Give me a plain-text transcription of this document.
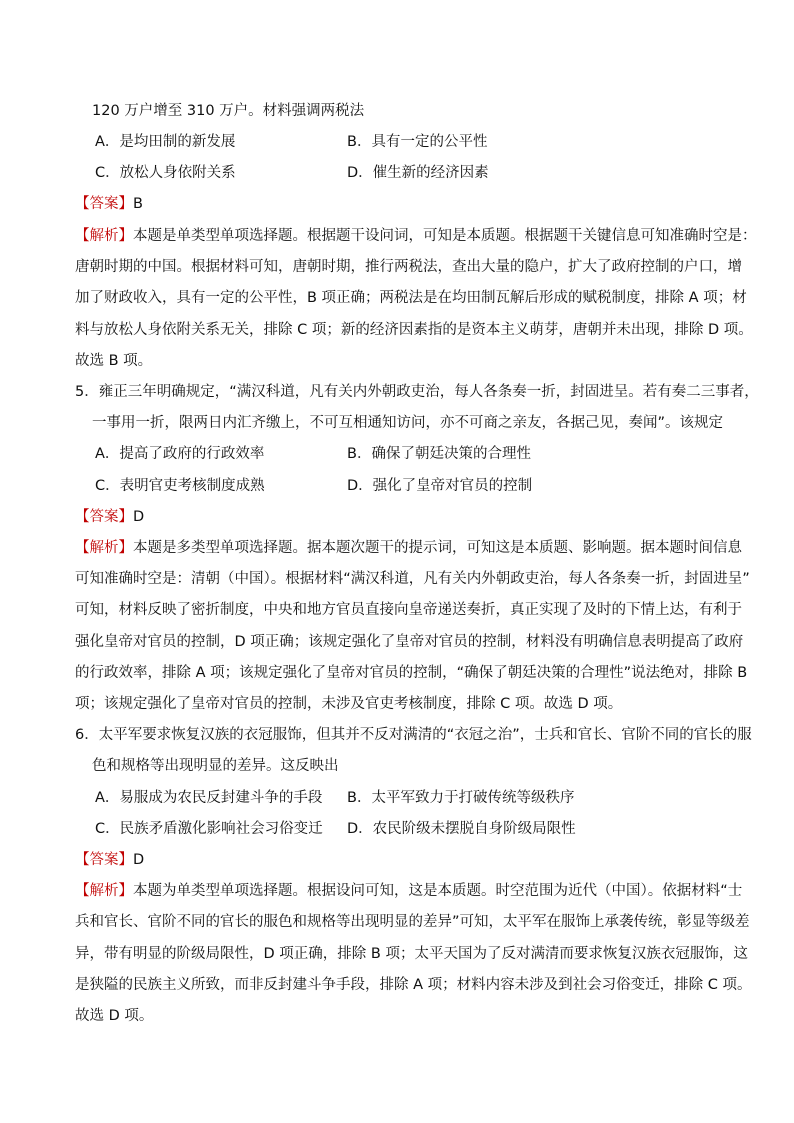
120 万户增至 310 万户。材料强调两税法
A．是均田制的新发展	B．具有一定的公平性
C．放松人身依附关系	D．催生新的经济因素
【答案】B
【解析】本题是单类型单项选择题。根据题干设问词，可知是本质题。根据题干关键信息可知准确时空是：
唐朝时期的中国。根据材料可知，唐朝时期，推行两税法，查出大量的隐户，扩大了政府控制的户口，增
加了财政收入，具有一定的公平性，B 项正确；两税法是在均田制瓦解后形成的赋税制度，排除 A 项；材
料与放松人身依附关系无关，排除 C 项；新的经济因素指的是资本主义萌芽，唐朝并未出现，排除 D 项。
故选 B 项。
5．雍正三年明确规定，“满汉科道，凡有关内外朝政吏治，每人各条奏一折，封固进呈。若有奏二三事者，
一事用一折，限两日内汇齐缴上，不可互相通知访问，亦不可商之亲友，各据己见，奏闻”。该规定
A．提高了政府的行政效率	B．确保了朝廷决策的合理性
C．表明官吏考核制度成熟	D．强化了皇帝对官员的控制
【答案】D
【解析】本题是多类型单项选择题。据本题次题干的提示词，可知这是本质题、影响题。据本题时间信息
可知准确时空是：清朝（中国）。根据材料“满汉科道，凡有关内外朝政吏治，每人各条奏一折，封固进呈”
可知，材料反映了密折制度，中央和地方官员直接向皇帝递送奏折，真正实现了及时的下情上达，有利于
强化皇帝对官员的控制，D 项正确；该规定强化了皇帝对官员的控制，材料没有明确信息表明提高了政府
的行政效率，排除 A 项；该规定强化了皇帝对官员的控制，“确保了朝廷决策的合理性”说法绝对，排除 B
项；该规定强化了皇帝对官员的控制，未涉及官吏考核制度，排除 C 项。故选 D 项。
6．太平军要求恢复汉族的衣冠服饰，但其并不反对满清的“衣冠之治”，士兵和官长、官阶不同的官长的服
色和规格等出现明显的差异。这反映出
A．易服成为农民反封建斗争的手段 B．太平军致力于打破传统等级秩序
C．民族矛盾激化影响社会习俗变迁 D．农民阶级未摆脱自身阶级局限性
【答案】D
【解析】本题为单类型单项选择题。根据设问可知，这是本质题。时空范围为近代（中国）。依据材料“士
兵和官长、官阶不同的官长的服色和规格等出现明显的差异”可知，太平军在服饰上承袭传统，彰显等级差
异，带有明显的阶级局限性，D 项正确，排除 B 项；太平天国为了反对满清而要求恢复汉族衣冠服饰，这
是狭隘的民族主义所致，而非反封建斗争手段，排除 A 项；材料内容未涉及到社会习俗变迁，排除 C 项。
故选 D 项。
